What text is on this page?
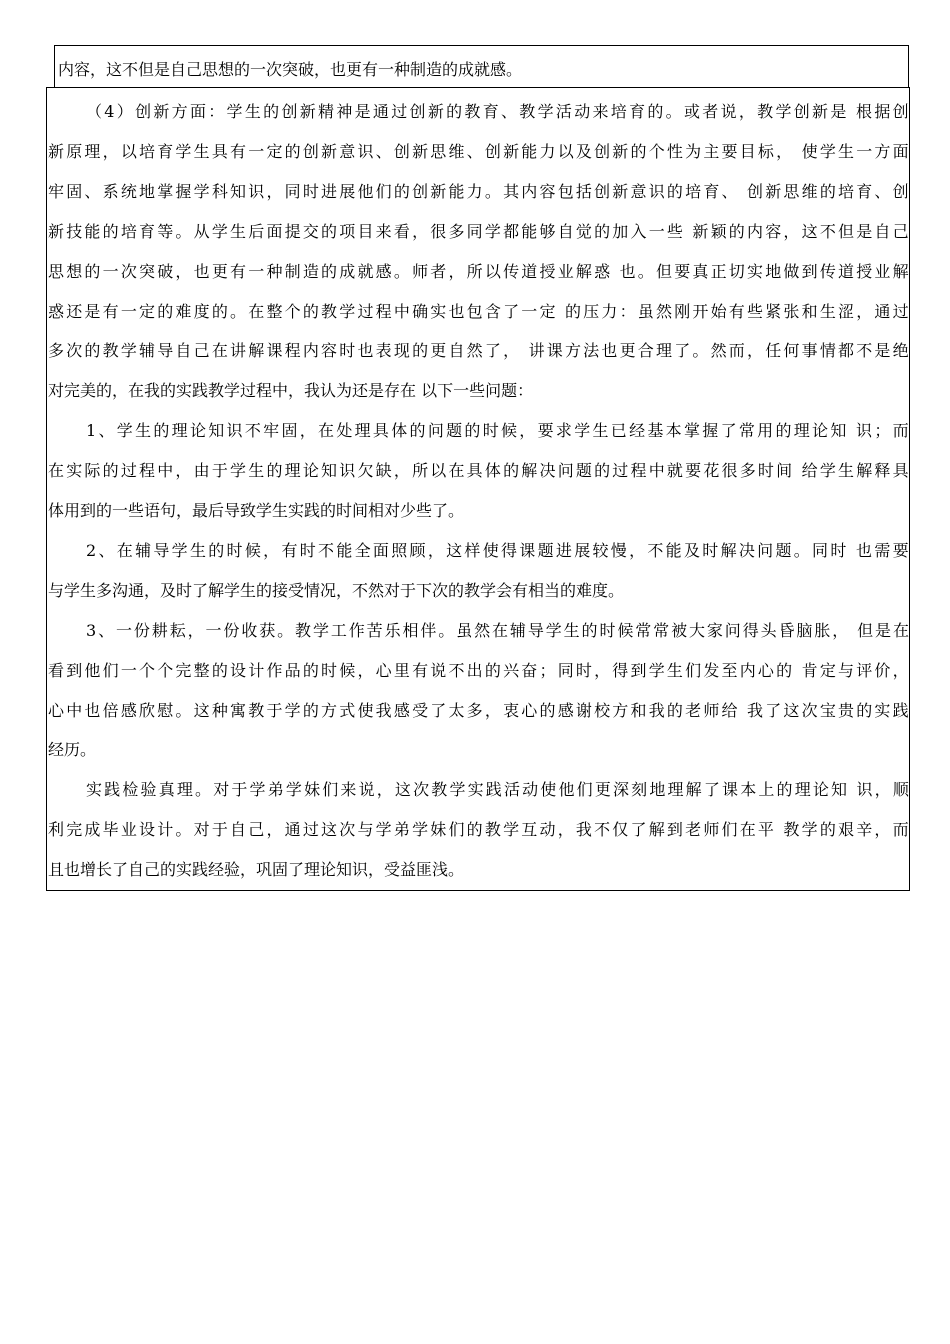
内容，这不但是自己思想的一次突破，也更有一种制造的成就感。
（ 4 ） 创 新 方 面 ： 学 生 的 创 新 精 神 是 通 过 创 新 的 教 育 、 教 学 活 动 来 培 育 的 。 或 者 说 ， 教 学 创 新 是
根 据 创
新 原 理 ， 以 培 育 学 生 具 有 一 定 的 创 新 意 识 、 创 新 思 维 、 创 新 能 力 以 及 创 新 的 个 性 为 主 要 目 标 ，
使 学 生 一 方 面
牢 固 、 系 统 地 掌 握 学 科 知 识 ， 同 时 进 展 他 们 的 创 新 能 力 。 其 内 容 包 括 创 新 意 识 的 培 育 、
创 新 思 维 的 培 育 、 创
新 技 能 的 培 育 等 。 从 学 生 后 面 提 交 的 项 目 来 看 ， 很 多 同 学 都 能 够 自 觉 的 加 入 一 些
新 颖 的 内 容 ， 这 不 但 是 自 己
思 想 的 一 次 突 破 ， 也 更 有 一 种 制 造 的 成 就 感 。 师 者 ， 所 以 传 道 授 业 解 惑
也 。 但 要 真 正 切 实 地 做 到 传 道 授 业 解
惑 还 是 有 一 定 的 难 度 的 。 在 整 个 的 教 学 过 程 中 确 实 也 包 含 了 一 定
的 压 力 ： 虽 然 刚 开 始 有 些 紧 张 和 生 涩 ， 通 过
多 次 的 教 学 辅 导 自 己 在 讲 解 课 程 内 容 时 也 表 现 的 更 自 然 了 ，
讲 课 方 法 也 更 合 理 了 。 然 而 ， 任 何 事 情 都 不 是 绝
对完美的，在我的实践教学过程中，我认为还是存在 以下一些问题：
1 、 学 生 的 理 论 知 识 不 牢 固 ， 在 处 理 具 体 的 问 题 的 时 候 ， 要 求 学 生 已 经 基 本 掌 握 了 常 用 的 理 论 知
识 ； 而
在 实 际 的 过 程 中 ， 由 于 学 生 的 理 论 知 识 欠 缺 ， 所 以 在 具 体 的 解 决 问 题 的 过 程 中 就 要 花 很 多 时 间
给 学 生 解 释 具
体用到的一些语句，最后导致学生实践的时间相对少些了。
2 、 在 辅 导 学 生 的 时 候 ， 有 时 不 能 全 面 照 顾 ， 这 样 使 得 课 题 进 展 较 慢 ， 不 能 及 时 解 决 问 题 。 同 时
也 需 要
与学生多沟通，及时了解学生的接受情况，不然对于下次的教学会有相当的难度。
3 、 一 份 耕 耘 ， 一 份 收 获 。 教 学 工 作 苦 乐 相 伴 。 虽 然 在 辅 导 学 生 的 时 候 常 常 被 大 家 问 得 头 昏 脑 胀 ，
但 是 在
看 到 他 们 一 个 个 完 整 的 设 计 作 品 的 时 候 ， 心 里 有 说 不 出 的 兴 奋 ； 同 时 ， 得 到 学 生 们 发 至 内 心 的
肯 定 与 评 价 ，
心 中 也 倍 感 欣 慰 。 这 种 寓 教 于 学 的 方 式 使 我 感 受 了 太 多 ， 衷 心 的 感 谢 校 方 和 我 的 老 师 给
我 了 这 次 宝 贵 的 实 践
经历。
实 践 检 验 真 理 。 对 于 学 弟 学 妹 们 来 说 ， 这 次 教 学 实 践 活 动 使 他 们 更 深 刻 地 理 解 了 课 本 上 的 理 论 知
识 ， 顺
利 完 成 毕 业 设 计 。 对 于 自 己 ， 通 过 这 次 与 学 弟 学 妹 们 的 教 学 互 动 ， 我 不 仅 了 解 到 老 师 们 在 平
教 学 的 艰 辛 ， 而
且也增长了自己的实践经验，巩固了理论知识，受益匪浅。
